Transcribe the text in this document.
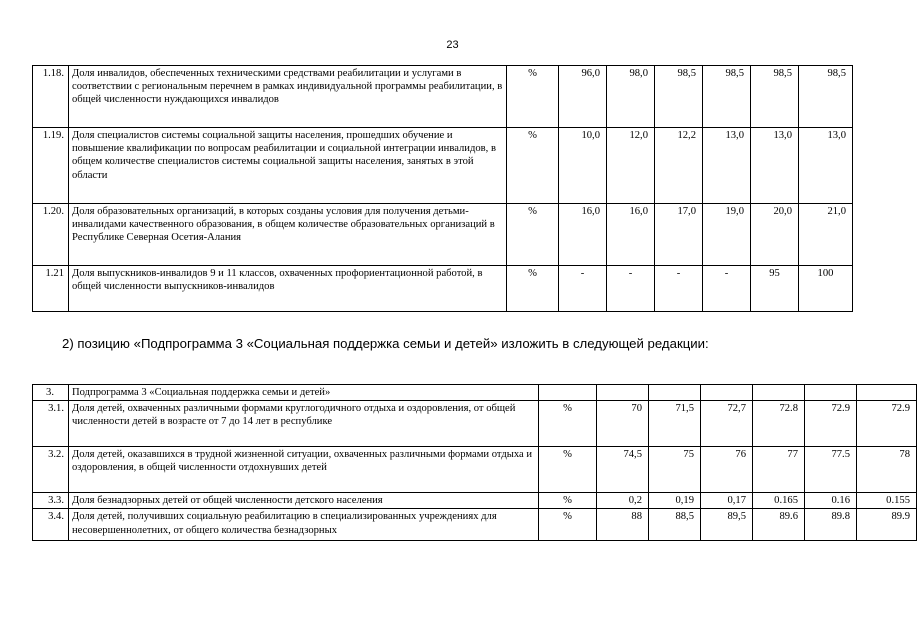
23
1.18.	Доля инвалидов, обеспеченных техническими средствами реабилитации и услугами в соответствии с региональным перечнем в рамках индивидуальной программы реабилитации, в общей численности нуждающихся инвалидов	%	96,0	98,0	98,5	98,5	98,5	98,5
1.19.	Доля специалистов системы социальной защиты населения, прошедших обучение и повышение квалификации по вопросам реабилитации и социальной интеграции инвалидов, в общем количестве специалистов системы социальной защиты населения, занятых в этой области	%	10,0	12,0	12,2	13,0	13,0	13,0
1.20.	Доля образовательных организаций, в которых созданы условия для получения детьми-инвалидами качественного образования, в общем количестве образовательных организаций в Республике Северная Осетия-Алания	%	16,0	16,0	17,0	19,0	20,0	21,0
1.21	Доля выпускников-инвалидов 9 и 11 классов, охваченных профориентационной работой, в общей численности выпускников-инвалидов	%	-	-	-	-	95	100
2) позицию «Подпрограмма 3 «Социальная поддержка семьи и детей» изложить в следующей редакции:
3.	Подпрограмма 3 «Социальная поддержка семьи и детей»							
3.1.	Доля детей, охваченных различными формами круглогодичного отдыха и оздоровления, от общей численности детей в возрасте от 7 до 14 лет в республике	%	70	71,5	72,7	72.8	72.9	72.9
3.2.	Доля детей, оказавшихся в трудной жизненной ситуации, охваченных различными формами отдыха и оздоровления, в общей численности отдохнувших детей	%	74,5	75	76	77	77.5	78
3.3.	Доля безнадзорных детей от общей численности детского населения	%	0,2	0,19	0,17	0.165	0.16	0.155
3.4.	Доля детей, получивших социальную реабилитацию в специализированных учреждениях для несовершеннолетних, от общего количества безнадзорных	%	88	88,5	89,5	89.6	89.8	89.9
